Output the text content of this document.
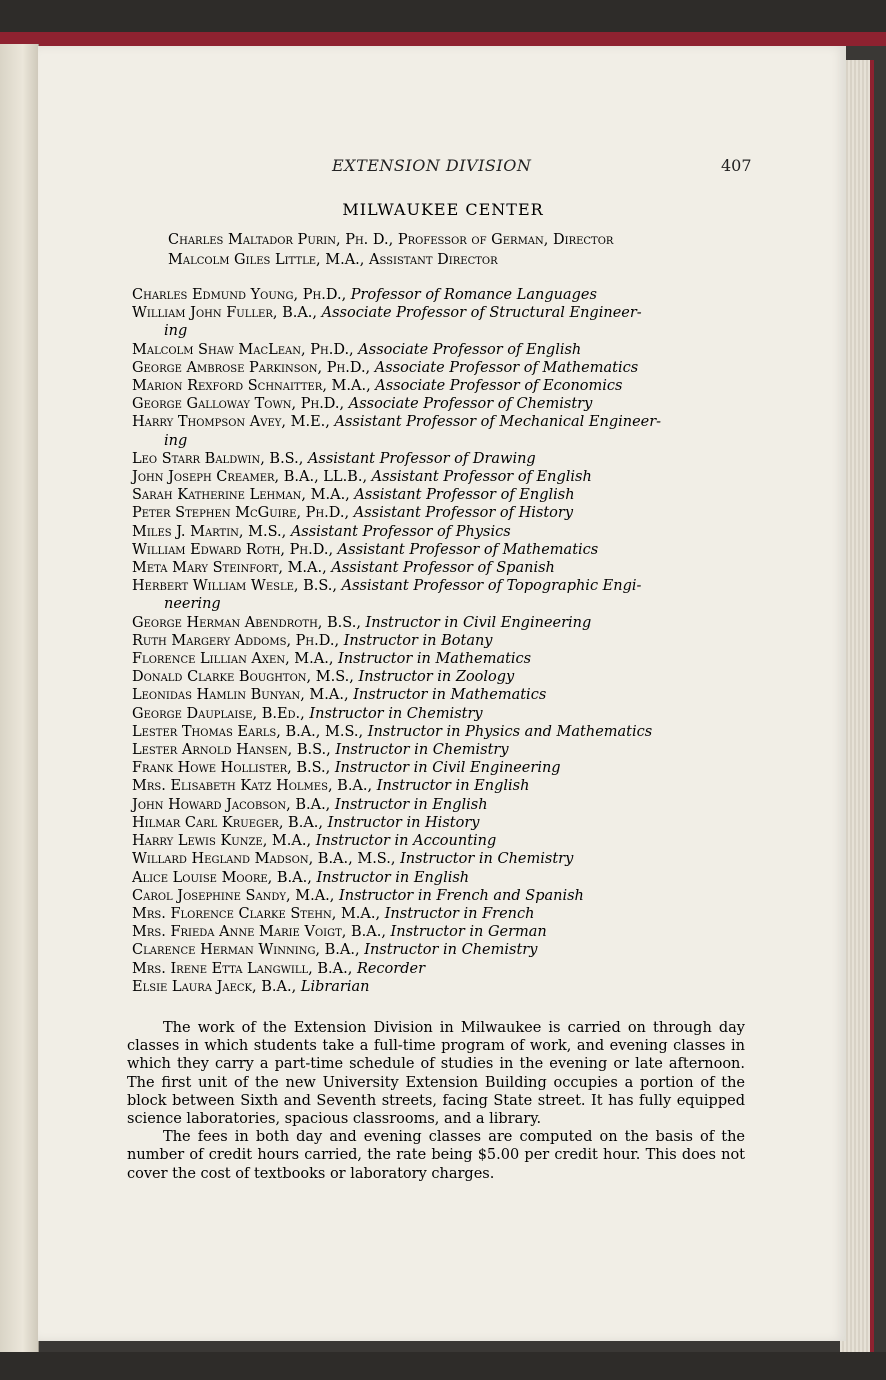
EXTENSION DIVISION	407
MILWAUKEE CENTER
Charles Maltador Purin, Ph. D., Professor of German, Director
Malcolm Giles Little, M.A., Assistant Director
Charles Edmund Young, Ph.D., Professor of Romance Languages
William John Fuller, B.A., Associate Professor of Structural Engineer-
ing
Malcolm Shaw MacLean, Ph.D., Associate Professor of English
George Ambrose Parkinson, Ph.D., Associate Professor of Mathematics
Marion Rexford Schnaitter, M.A., Associate Professor of Economics
George Galloway Town, Ph.D., Associate Professor of Chemistry
Harry Thompson Avey, M.E., Assistant Professor of Mechanical Engineer-
ing
Leo Starr Baldwin, B.S., Assistant Professor of Drawing
John Joseph Creamer, B.A., LL.B., Assistant Professor of English
Sarah Katherine Lehman, M.A., Assistant Professor of English
Peter Stephen McGuire, Ph.D., Assistant Professor of History
Miles J. Martin, M.S., Assistant Professor of Physics
William Edward Roth, Ph.D., Assistant Professor of Mathematics
Meta Mary Steinfort, M.A., Assistant Professor of Spanish
Herbert William Wesle, B.S., Assistant Professor of Topographic Engi-
neering
George Herman Abendroth, B.S., Instructor in Civil Engineering
Ruth Margery Addoms, Ph.D., Instructor in Botany
Florence Lillian Axen, M.A., Instructor in Mathematics
Donald Clarke Boughton, M.S., Instructor in Zoology
Leonidas Hamlin Bunyan, M.A., Instructor in Mathematics
George Dauplaise, B.Ed., Instructor in Chemistry
Lester Thomas Earls, B.A., M.S., Instructor in Physics and Mathematics
Lester Arnold Hansen, B.S., Instructor in Chemistry
Frank Howe Hollister, B.S., Instructor in Civil Engineering
Mrs. Elisabeth Katz Holmes, B.A., Instructor in English
John Howard Jacobson, B.A., Instructor in English
Hilmar Carl Krueger, B.A., Instructor in History
Harry Lewis Kunze, M.A., Instructor in Accounting
Willard Hegland Madson, B.A., M.S., Instructor in Chemistry
Alice Louise Moore, B.A., Instructor in English
Carol Josephine Sandy, M.A., Instructor in French and Spanish
Mrs. Florence Clarke Stehn, M.A., Instructor in French
Mrs. Frieda Anne Marie Voigt, B.A., Instructor in German
Clarence Herman Winning, B.A., Instructor in Chemistry
Mrs. Irene Etta Langwill, B.A., Recorder
Elsie Laura Jaeck, B.A., Librarian

The work of the Extension Division in Milwaukee is carried on through day classes in which students take a full-time program of work, and evening classes in which they carry a part-time schedule of studies in the evening or late afternoon. The first unit of the new University Extension Building occupies a portion of the block between Sixth and Seventh streets, facing State street. It has fully equipped science laboratories, spacious classrooms, and a library.

The fees in both day and evening classes are computed on the basis of the number of credit hours carried, the rate being $5.00 per credit hour. This does not cover the cost of textbooks or laboratory charges.
